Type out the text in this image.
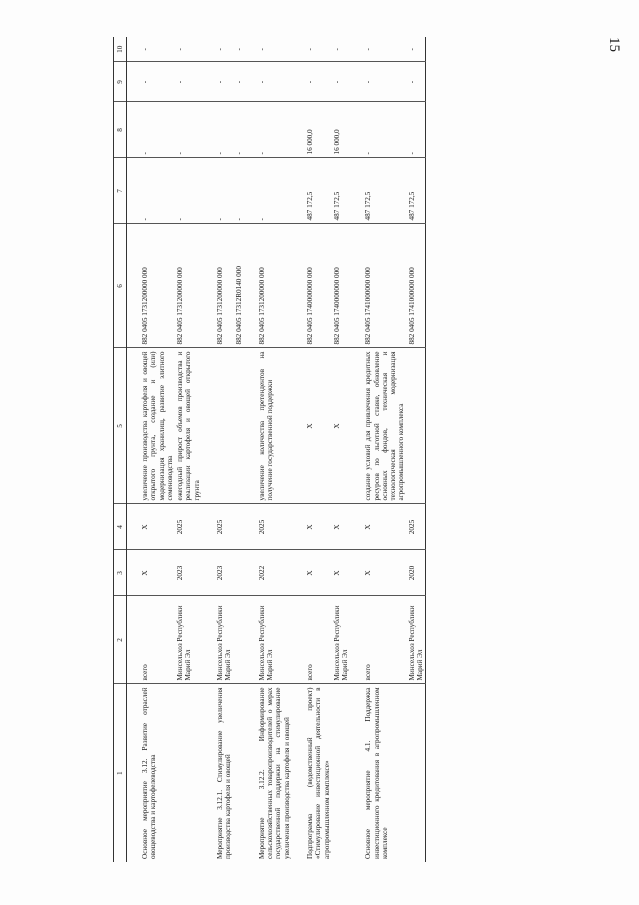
15
1	2	3	4	5	6	7	8	9	10
Основное мероприятие 3.12. Развитие отраслей овощеводства и картофелеводства	всего	X	X	увеличение производства картофеля и овощей открытого грунта, создание и (или) модернизация хранилищ, развитие элитного семеноводства	882 0405 1731200000 000	-	-	-	-
	Минсельхоз Республики Марий Эл	2023	2025	ежегодный прирост объемов производства и реализации картофеля и овощей открытого грунта	882 0405 1731200000 000	-	-	-	-
Мероприятие 3.12.1. Стимулирование увеличения производства картофеля и овощей	Минсельхоз Республики Марий Эл	2023	2025		882 0405 1731200000 000	-	-	-	-
					882 0405 17312R0140 000	-	-	-	-
Мероприятие 3.12.2. Информирование сельскохозяйственных товаропроизводителей о мерах государственной поддержки на стимулирование увеличения производства картофеля и овощей	Минсельхоз Республики Марий Эл	2022	2025	увеличение количества претендентов на получение государственной поддержки	882 0405 1731200000 000	-	-	-	-
Подпрограмма (ведомственный проект) «Стимулирование инвестиционной деятельности в агропромышленном комплексе»	всего	X	X	X	882 0405 1740000000 000	487 172,5	16 000,0	-	-
	Минсельхоз Республики Марий Эл	X	X	X	882 0405 1740000000 000	487 172,5	16 000,0	-	-
Основное мероприятие 4.1. Поддержка инвестиционного кредитования в агропромышленном комплексе	всего	X	X	создание условий для привлечения кредитных ресурсов по льготной ставке, обновление основных фондов, техническая и технологическая модернизация агропромышленного комплекса	882 0405 1741000000 000	487 172,5	-	-	-
	Минсельхоз Республики Марий Эл	2020	2025		882 0405 1741000000 000	487 172,5	-	-	-
